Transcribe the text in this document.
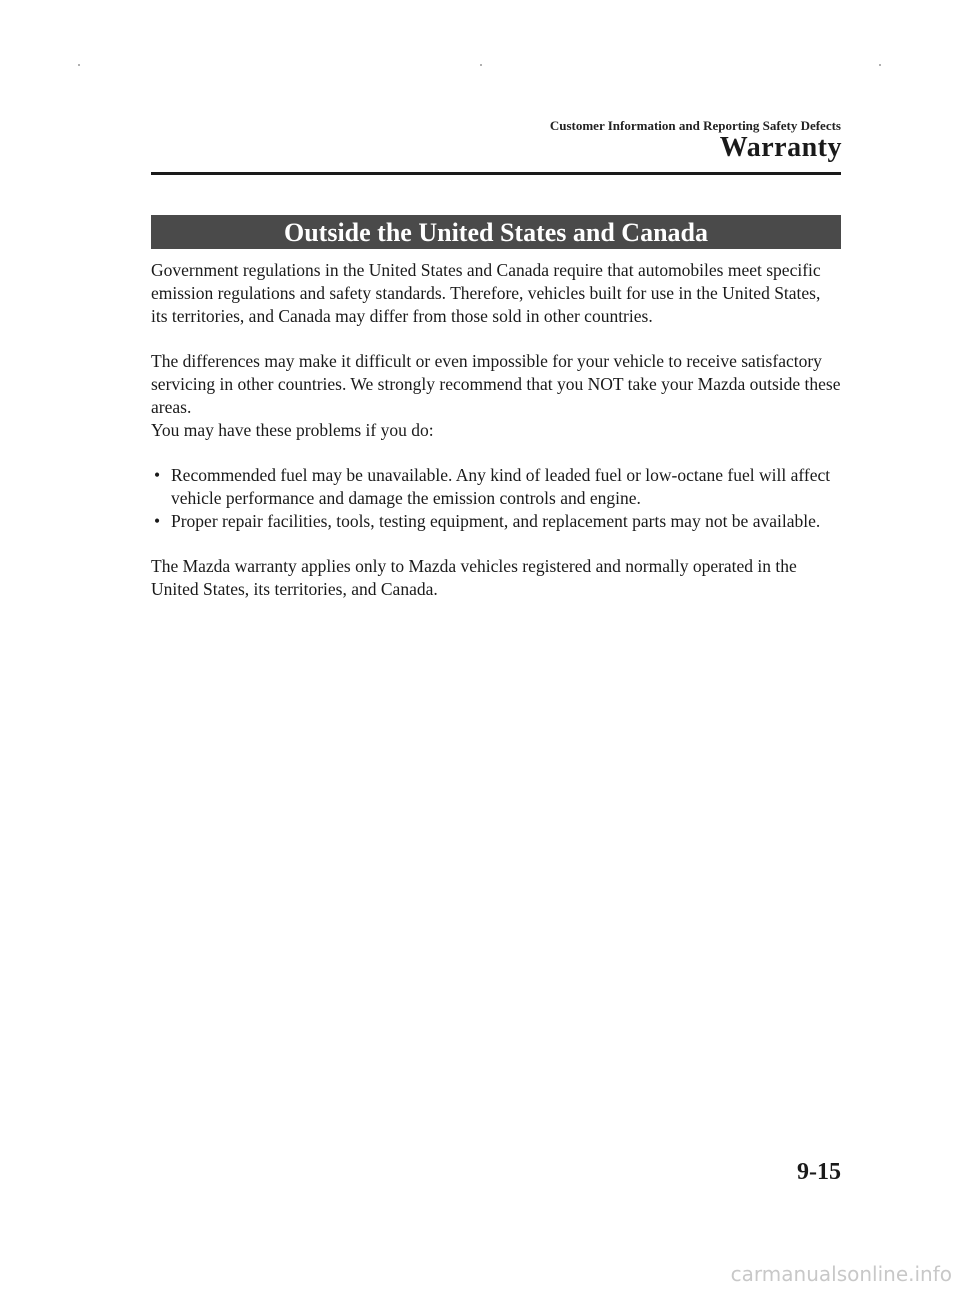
Customer Information and Reporting Safety Defects
Warranty
Outside the United States and Canada

Government regulations in the United States and Canada require that automobiles meet specific emission regulations and safety standards. Therefore, vehicles built for use in the United States, its territories, and Canada may differ from those sold in other countries.

The differences may make it difficult or even impossible for your vehicle to receive satisfactory servicing in other countries. We strongly recommend that you NOT take your Mazda outside these areas.

You may have these problems if you do:

• Recommended fuel may be unavailable. Any kind of leaded fuel or low-octane fuel will affect vehicle performance and damage the emission controls and engine.
• Proper repair facilities, tools, testing equipment, and replacement parts may not be available.

The Mazda warranty applies only to Mazda vehicles registered and normally operated in the United States, its territories, and Canada.

9-15
carmanualsonline.info
